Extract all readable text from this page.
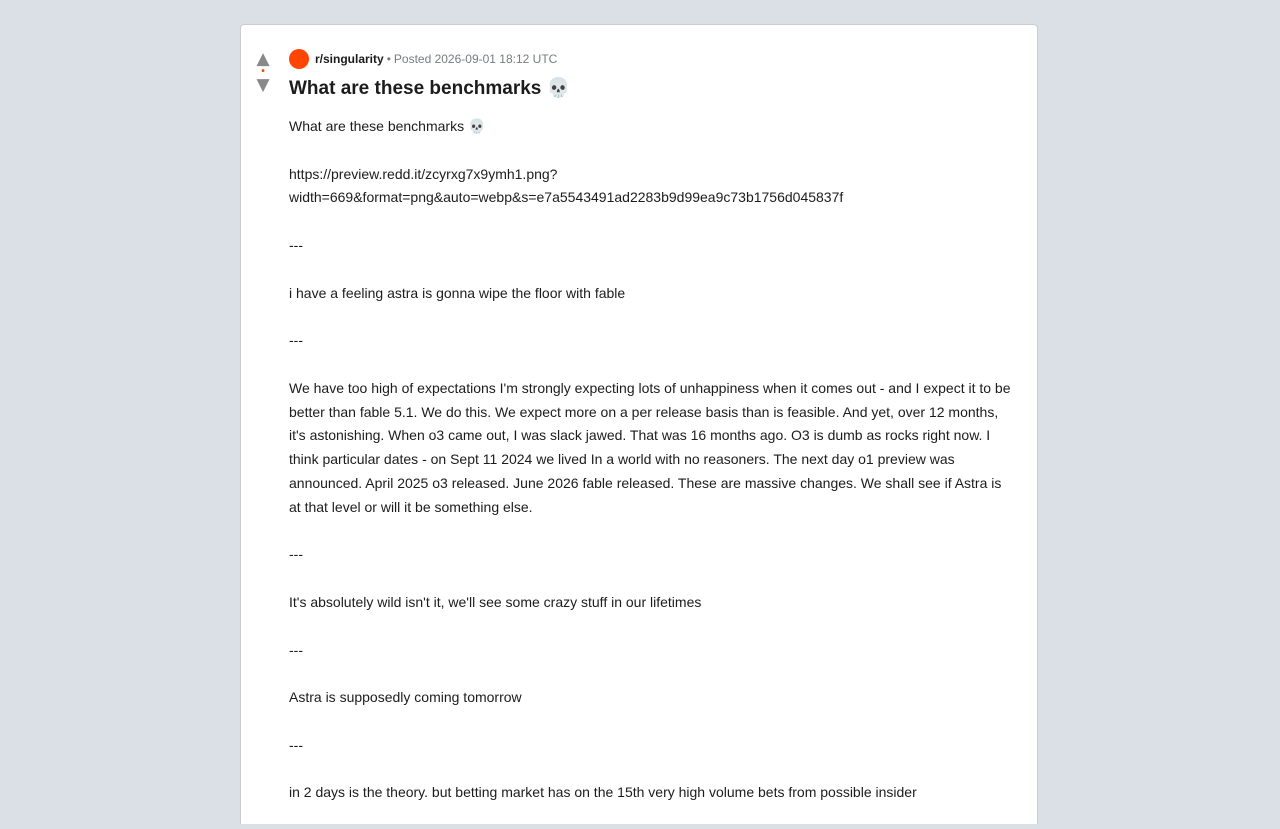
▲
•
▼
r/singularity • Posted 2026-09-01 18:12 UTC
What are these benchmarks 💀

What are these benchmarks 💀

https://preview.redd.it/zcyrxg7x9ymh1.png?
width=669&format=png&auto=webp&s=e7a5543491ad2283b9d99ea9c73b1756d045837f

---

i have a feeling astra is gonna wipe the floor with fable

---

We have too high of expectations I'm strongly expecting lots of unhappiness when it comes out - and I expect it to be better than fable 5.1. We do this. We expect more on a per release basis than is feasible. And yet, over 12 months, it's astonishing. When o3 came out, I was slack jawed. That was 16 months ago. O3 is dumb as rocks right now. I think particular dates - on Sept 11 2024 we lived In a world with no reasoners. The next day o1 preview was announced. April 2025 o3 released. June 2026 fable released. These are massive changes. We shall see if Astra is at that level or will it be something else.

---

It's absolutely wild isn't it, we'll see some crazy stuff in our lifetimes

---

Astra is supposedly coming tomorrow

---

in 2 days is the theory. but betting market has on the 15th very high volume bets from possible insider
